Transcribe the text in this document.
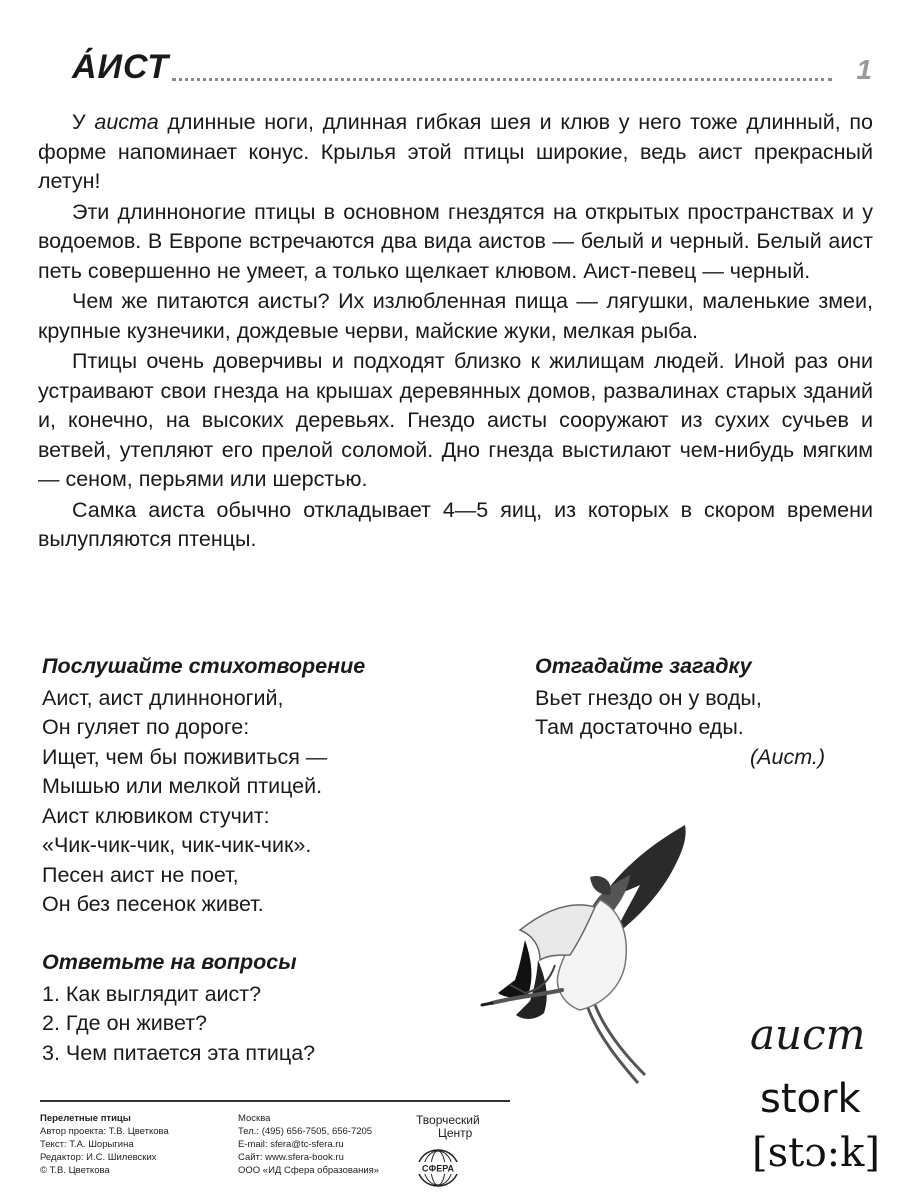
А́ИСТ	1

У аиста длинные ноги, длинная гибкая шея и клюв у него тоже длинный, по форме напоминает конус. Крылья этой птицы широкие, ведь аист прекрасный летун!

Эти длинноногие птицы в основном гнездятся на открытых пространствах и у водоемов. В Европе встречаются два вида аистов — белый и черный. Белый аист петь совершенно не умеет, а только щелкает клювом. Аист-певец — черный.

Чем же питаются аисты? Их излюбленная пища — лягушки, маленькие змеи, крупные кузнечики, дождевые черви, майские жуки, мелкая рыба.

Птицы очень доверчивы и подходят близко к жилищам людей. Иной раз они устраивают свои гнезда на крышах деревянных домов, развалинах старых зданий и, конечно, на высоких деревьях. Гнездо аисты сооружают из сухих сучьев и ветвей, утепляют его прелой соломой. Дно гнезда выстилают чем-нибудь мягким — сеном, перьями или шерстью.

Самка аиста обычно откладывает 4—5 яиц, из которых в скором времени вылупляются птенцы.

Послушайте стихотворение
Аист, аист длинноногий,
Он гуляет по дороге:
Ищет, чем бы поживиться —
Мышью или мелкой птицей.
Аист клювиком стучит:
«Чик-чик-чик, чик-чик-чик».
Песен аист не поет,
Он без песенок живет.
Отгадайте загадку
Вьет гнездо он у воды,
Там достаточно еды.
(Аист.)
Ответьте на вопросы
1. Как выглядит аист?
2. Где он живет?
3. Чем питается эта птица?	аист
stork
[stɔ:k]
Перелетные птицы
Автор проекта: Т.В. Цветкова
Текст: Т.А. Шорыгина
Редактор: И.С. Шилевских
© Т.В. Цветкова
Москва
Тел.: (495) 656-7505, 656-7205
E-mail: sfera@tc-sfera.ru
Сайт: www.sfera-book.ru
ООО «ИД Сфера образования»
Творческий
Центр
СФЕРА
